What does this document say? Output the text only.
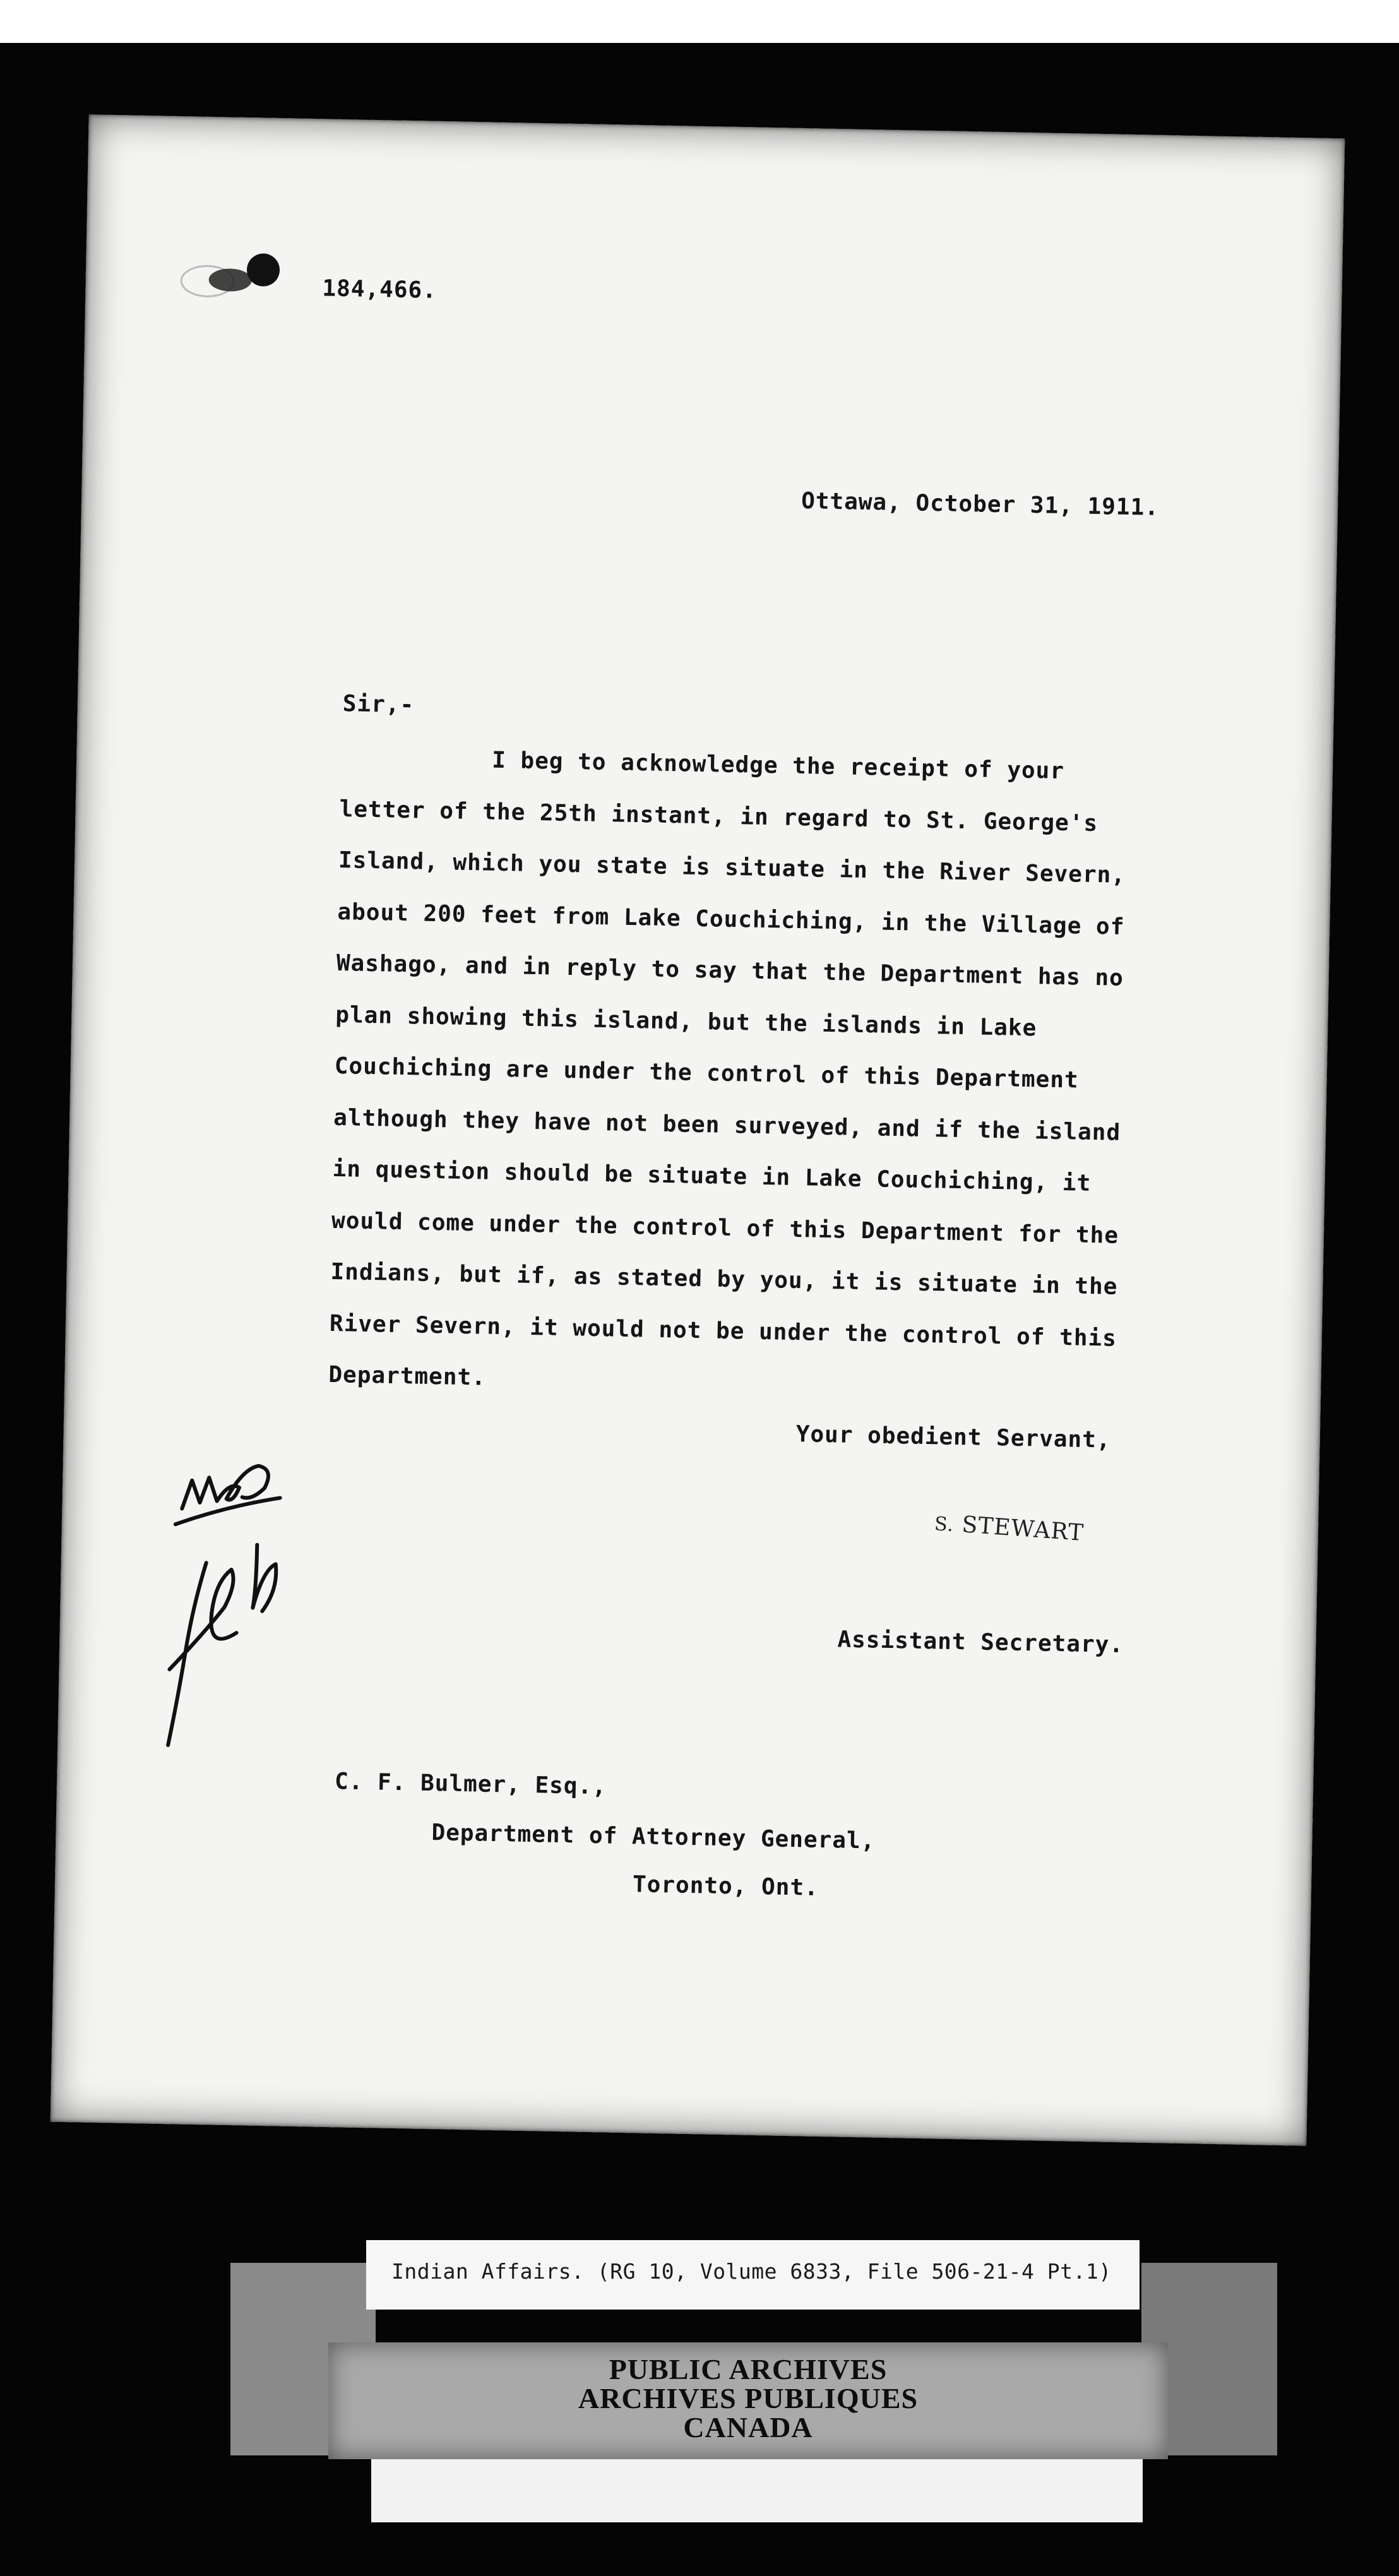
184,466.
Ottawa, October 31, 1911.
Sir,-
I beg to acknowledge the receipt of your
letter of the 25th instant, in regard to St. George's
Island, which you state is situate in the River Severn,
about 200 feet from Lake Couchiching, in the Village of
Washago, and in reply to say that the Department has no
plan showing this island, but the islands in Lake
Couchiching are under the control of this Department
although they have not been surveyed, and if the island
in question should be situate in Lake Couchiching, it
would come under the control of this Department for the
Indians, but if, as stated by you, it is situate in the
River Severn, it would not be under the control of this
Department.
Your obedient Servant,
S. STEWART
Assistant Secretary.
C. F. Bulmer, Esq.,
Department of Attorney General,
Toronto, Ont.
Indian Affairs. (RG 10, Volume 6833, File 506-21-4 Pt.1)
PUBLIC ARCHIVES
ARCHIVES PUBLIQUES
CANADA
